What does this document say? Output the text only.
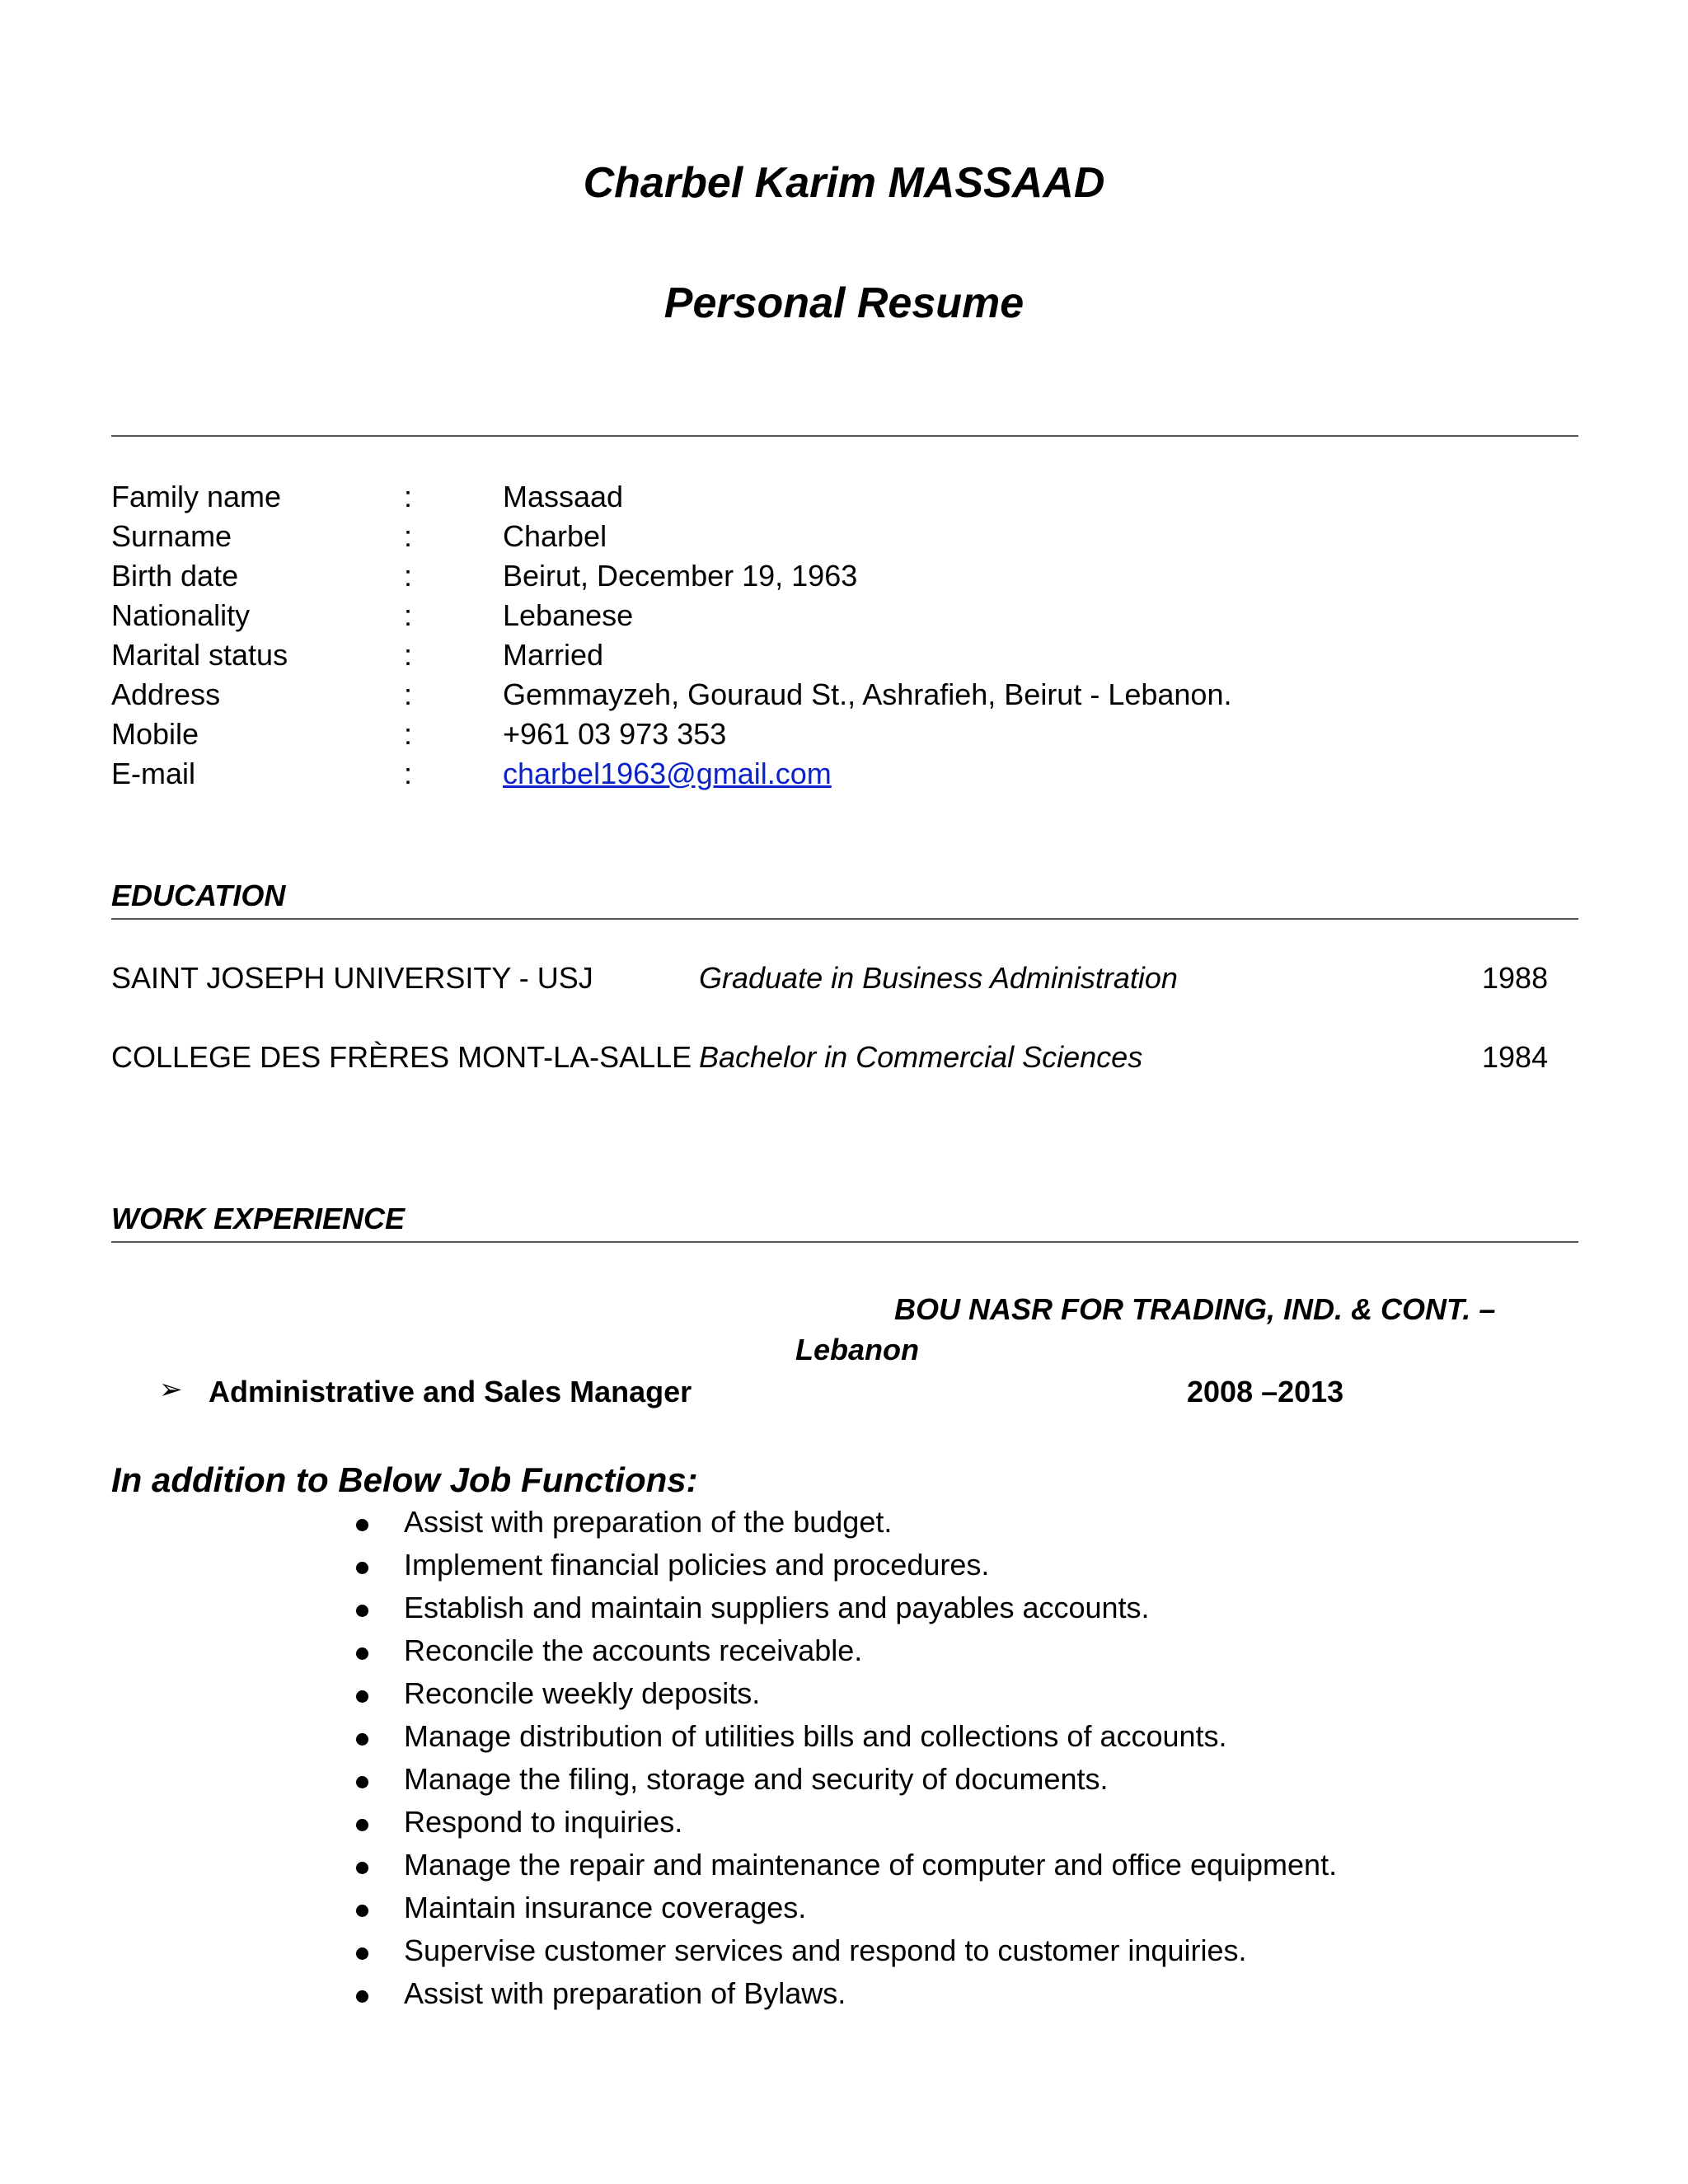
Charbel Karim MASSAAD
Personal Resume
Family name	:	Massaad
Surname	:	Charbel
Birth date	:	Beirut, December 19, 1963
Nationality	:	Lebanese
Marital status	:	Married
Address	:	Gemmayzeh, Gouraud St., Ashrafieh, Beirut - Lebanon.
Mobile	:	+961 03 973 353
E-mail	:	charbel1963@gmail.com
EDUCATION
SAINT JOSEPH UNIVERSITY - USJ	Graduate in Business Administration	1988
COLLEGE DES FRÈRES MONT-LA-SALLE Bachelor in Commercial Sciences	1984
WORK EXPERIENCE
BOU NASR FOR TRADING, IND. & CONT. –
Lebanon
➢ Administrative and Sales Manager	2008 –2013
In addition to Below Job Functions:
Assist with preparation of the budget.
Implement financial policies and procedures.
Establish and maintain suppliers and payables accounts.
Reconcile the accounts receivable.
Reconcile weekly deposits.
Manage distribution of utilities bills and collections of accounts.
Manage the filing, storage and security of documents.
Respond to inquiries.
Manage the repair and maintenance of computer and office equipment.
Maintain insurance coverages.
Supervise customer services and respond to customer inquiries.
Assist with preparation of Bylaws.
